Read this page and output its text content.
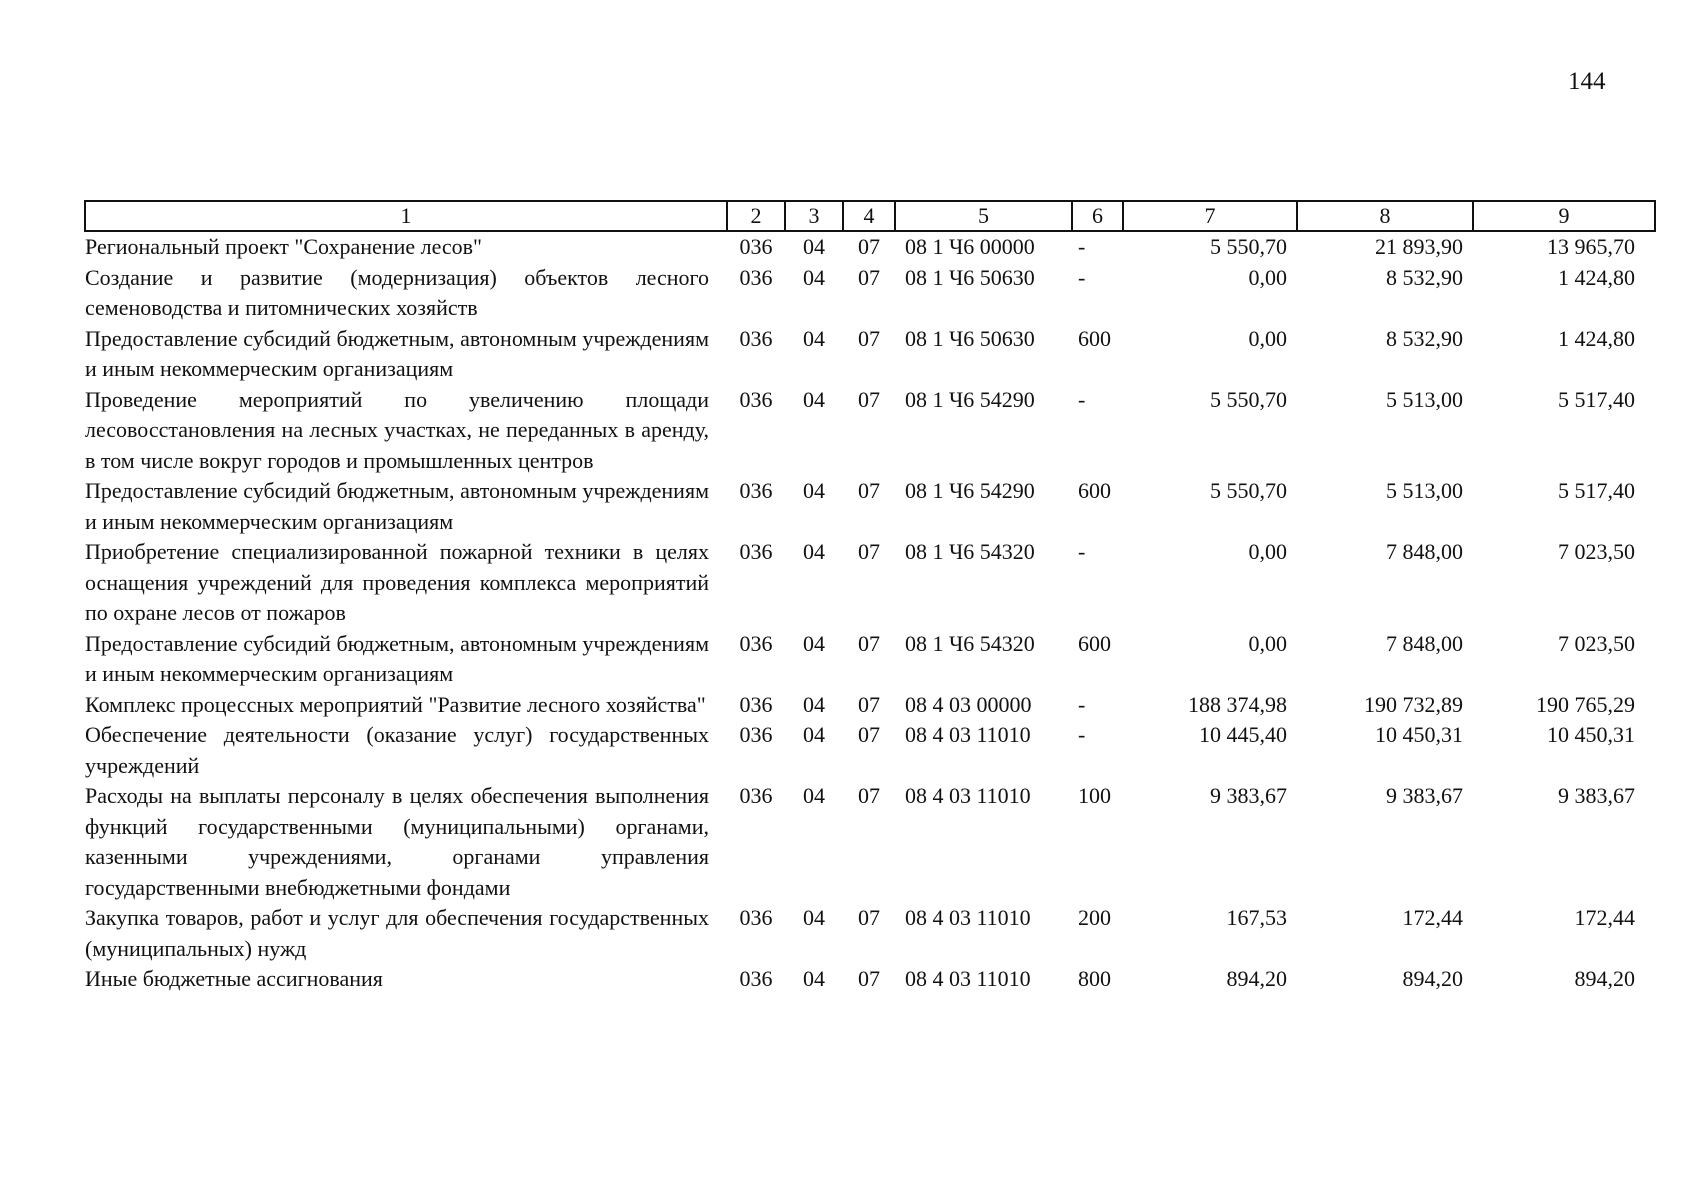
144
1	2	3	4	5	6	7	8	9
Региональный проект "Сохранение лесов"	036	04	07	08 1 Ч6 00000	-	5 550,70	21 893,90	13 965,70
Создание и развитие (модернизация) объектов лесного семеноводства и питомнических хозяйств	036	04	07	08 1 Ч6 50630	-	0,00	8 532,90	1 424,80
Предоставление субсидий бюджетным, автономным учреждениям и иным некоммерческим организациям	036	04	07	08 1 Ч6 50630	600	0,00	8 532,90	1 424,80
Проведение мероприятий по увеличению площади лесовосстановления на лесных участках, не переданных в аренду, в том числе вокруг городов и промышленных центров	036	04	07	08 1 Ч6 54290	-	5 550,70	5 513,00	5 517,40
Предоставление субсидий бюджетным, автономным учреждениям и иным некоммерческим организациям	036	04	07	08 1 Ч6 54290	600	5 550,70	5 513,00	5 517,40
Приобретение специализированной пожарной техники в целях оснащения учреждений для проведения комплекса мероприятий по охране лесов от пожаров	036	04	07	08 1 Ч6 54320	-	0,00	7 848,00	7 023,50
Предоставление субсидий бюджетным, автономным учреждениям и иным некоммерческим организациям	036	04	07	08 1 Ч6 54320	600	0,00	7 848,00	7 023,50
Комплекс процессных мероприятий "Развитие лесного хозяйства"	036	04	07	08 4 03 00000	-	188 374,98	190 732,89	190 765,29
Обеспечение деятельности (оказание услуг) государственных учреждений	036	04	07	08 4 03 11010	-	10 445,40	10 450,31	10 450,31
Расходы на выплаты персоналу в целях обеспечения выполнения функций государственными (муниципальными) органами, казенными учреждениями, органами управления государственными внебюджетными фондами	036	04	07	08 4 03 11010	100	9 383,67	9 383,67	9 383,67
Закупка товаров, работ и услуг для обеспечения государственных (муниципальных) нужд	036	04	07	08 4 03 11010	200	167,53	172,44	172,44
Иные бюджетные ассигнования	036	04	07	08 4 03 11010	800	894,20	894,20	894,20
